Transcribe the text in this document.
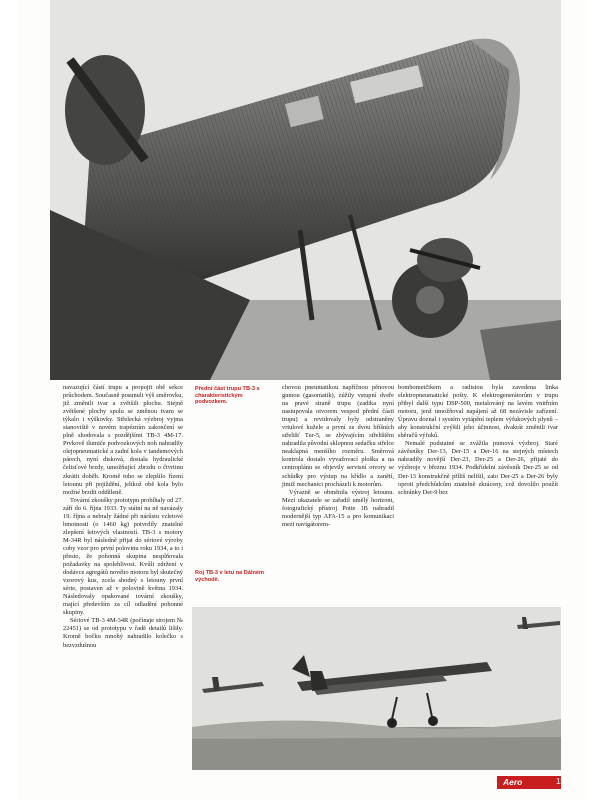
Přední část trupu TB-3 s charakteristickým podvozkem.
Roj TB-3 v letu na Dálném východě.

navazující částí trupu a propojit obě sekce průchodem. Současně posunuli výš směrovku, již změnili tvar a zvětšili plochu. Stejně zvětšené plochy spolu se změnou tvaru se týkalo i výškovky. Střelecká výzbroj vyjma stanoviště v novém trapézním zakončení se plně shodovala s pozdějšími TB-3 4M-17. Prvkově tlumiče podvozkových noh nahradily olejopneumatické a zadní kola v tandemových párech, nyní disková, dostala hydraulické čelisťové brzdy, umožňující zbrzdu o čtvrtinu zkrátit doběh. Kromě toho se zlepšilo řízení letounu při pojíždění, jelikož obě kola bylo možné brzdit odděleně.

Tovární zkoušky prototypu probíhaly od 27. září do 6. října 1933. Ty státní na ně navázaly 19. října a nebraly žádné při nárůstu vzletové hmotnosti (o 1460 kg) potvrdily znatelné zlepšení letových vlastností. TB-3 s motory M-34R byl následně přijat do sériové výroby coby vzor pro první polovinu roku 1934, a to i přesto, že pohonná skupina nesplňovala požadavky na spolehlivost. Kvůli zdržení v dodávce agregátů nového motoru byl skutečný vzorový kus, zcela shodný s letouny první série, postaven až v polovině května 1934. Následovaly opakované tovární zkoušky, mající především za cíl odladění pohonné skupiny.

Sériové TB-3 4M-34R (počínaje strojem № 22451) se od prototypu v řadě detailů lišily. Kromě bočku mnohý nahradilo kolečko s bezvzdušnou

chovou pneumatikou napříčnou pěnovou gumou (gasomatik), zúžily vstupní dveře na pravé straně trupu (zadika nyní nastupovala otvorem vespod přední části trupu) a revidovaly byly odstraněny vrtulové kužele a první ze dvou bříšních střelišť Tur-5, se zbývajícím střelištěm nahradila původní sklopnou sedačku střelce neaklapná menšího rozměru. Směrová kontrola dostalo vyvažovací ploška a na centroplánu se objevily servisní otvory se schůdky pro výstup na křídlo a zanětí, jimiž mechanici procházeli k motorům.

Výrazně se obměnila výstroj letounu. Mezi ukazatele se zařadil umělý horizont, fotografický přístroj Potte 1B nahradil modernější typ AFA-15 a pro komunikaci mezi navigátorem-

bombometčikem a radistou byla zavedena linka elektropneumatické pošty. K elektrogenerátorům v trupu přibyl další typu DSP-500, metalováný na lavém vnitřním motoru, jenž umožňoval napájení až 68 nezávisle zařízení. Úpravu doznal i systém vytápění teplem výfukových plynů – aby konstrukční zvýšili jeho účinnost, dvakrát změnili tvar sběračů výfuků.

Nemalé podstatné se zvážila pumová výzbroj. Staré závěsníky Der-13, Der-15 a Der-16 na stejných místech nahradily novější Der-23, Der-25 a Der-26, přijaté do výzbroje v březnu 1934. Podkřídelní závěsník Der-25 se od Der-13 konstrukčně příliš nelišil, zato Der-25 a Der-26 byly oproti předchůdcům znatelně zkráceny, což dovolilo použít schránky Der-9 bez

Aero	11
